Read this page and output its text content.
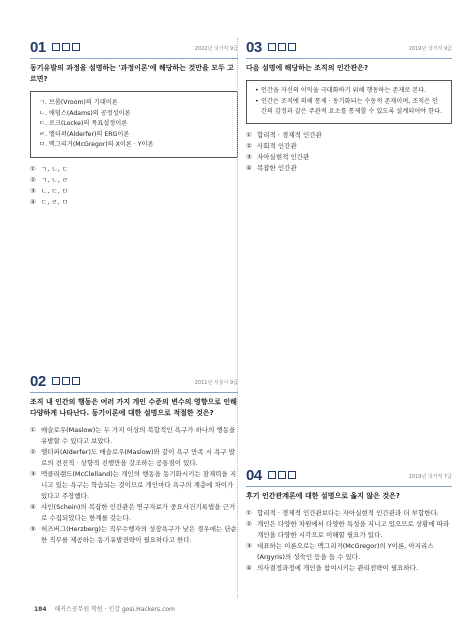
01	2022년 국가직 9급
동기유발의 과정을 설명하는 '과정이론'에 해당하는 것만을 모두 고르면?
ㄱ. 브룸(Vroom)의 기대이론
ㄴ. 애덤스(Adams)의 공정성이론
ㄷ. 로크(Locke)의 목표설정이론
ㄹ. 앨더퍼(Alderfer)의 ERG이론
ㅁ. 맥그리거(McGregor)의 X이론 · Y이론
① ㄱ, ㄴ, ㄷ
② ㄱ, ㄴ, ㄹ
③ ㄴ, ㄷ, ㅁ
④ ㄷ, ㄹ, ㅁ
02	2011년 서울시 9급
조직 내 인간의 행동은 여러 가지 개인 수준의 변수의 영향으로 인해 다양하게 나타난다. 동기이론에 대한 설명으로 적절한 것은?
① 매슬로우(Maslow)는 두 가지 이상의 복합적인 욕구가 하나의 행동을 유발할 수 있다고 보았다.
② 앨더퍼(Alderfer)도 매슬로우(Maslow)와 같이 욕구 만족 시 욕구 발로의 전진적 · 상향적 진행만을 강조하는 공통점이 있다.
③ 맥클리랜드(McClelland)는 개인의 행동을 동기화시키는 잠재력을 지니고 있는 욕구는 학습되는 것이므로 개인마다 욕구의 계층에 차이가 있다고 주장했다.
④ 샤인(Schein)의 복잡한 인간관은 연구자료가 중요사건기록법을 근거로 수집되었다는 한계를 갖는다.
⑤ 허즈버그(Herzberg)는 직무수행자의 성장욕구가 낮은 경우에는 단순한 직무를 제공하는 동기유발전략이 필요하다고 한다.
03	2019년 국가직 9급
다음 설명에 해당하는 조직의 인간관은?
• 인간을 자신의 이익을 극대화하기 위해 행동하는 존재로 본다.
• 인간은 조직에 의해 통제 · 동기화되는 수동적 존재이며, 조직은 인간의 감정과 같은 주관적 요소를 통제할 수 있도록 설계되어야 한다.
① 합리적 · 경제적 인간관
② 사회적 인간관
③ 자아실현적 인간관
④ 복잡한 인간관
04	2019년 국가직 7급
후기 인간관계론에 대한 설명으로 옳지 않은 것은?
① 합리적 · 경제적 인간관보다는 자아실현적 인간관과 더 부합한다.
② 개인은 다양한 차원에서 다양한 특성을 지니고 있으므로 상황에 따라 개인을 다양한 시각으로 이해할 필요가 있다.
③ 대표하는 이론으로는 맥그리거(McGregor)의 Y이론, 아지리스(Argyris)의 성숙인 등을 들 수 있다.
④ 의사결정과정에 개인을 참여시키는 관리전략이 필요하다.
184 해커스공무원 학원 · 인강 gosi.Hackers.com
